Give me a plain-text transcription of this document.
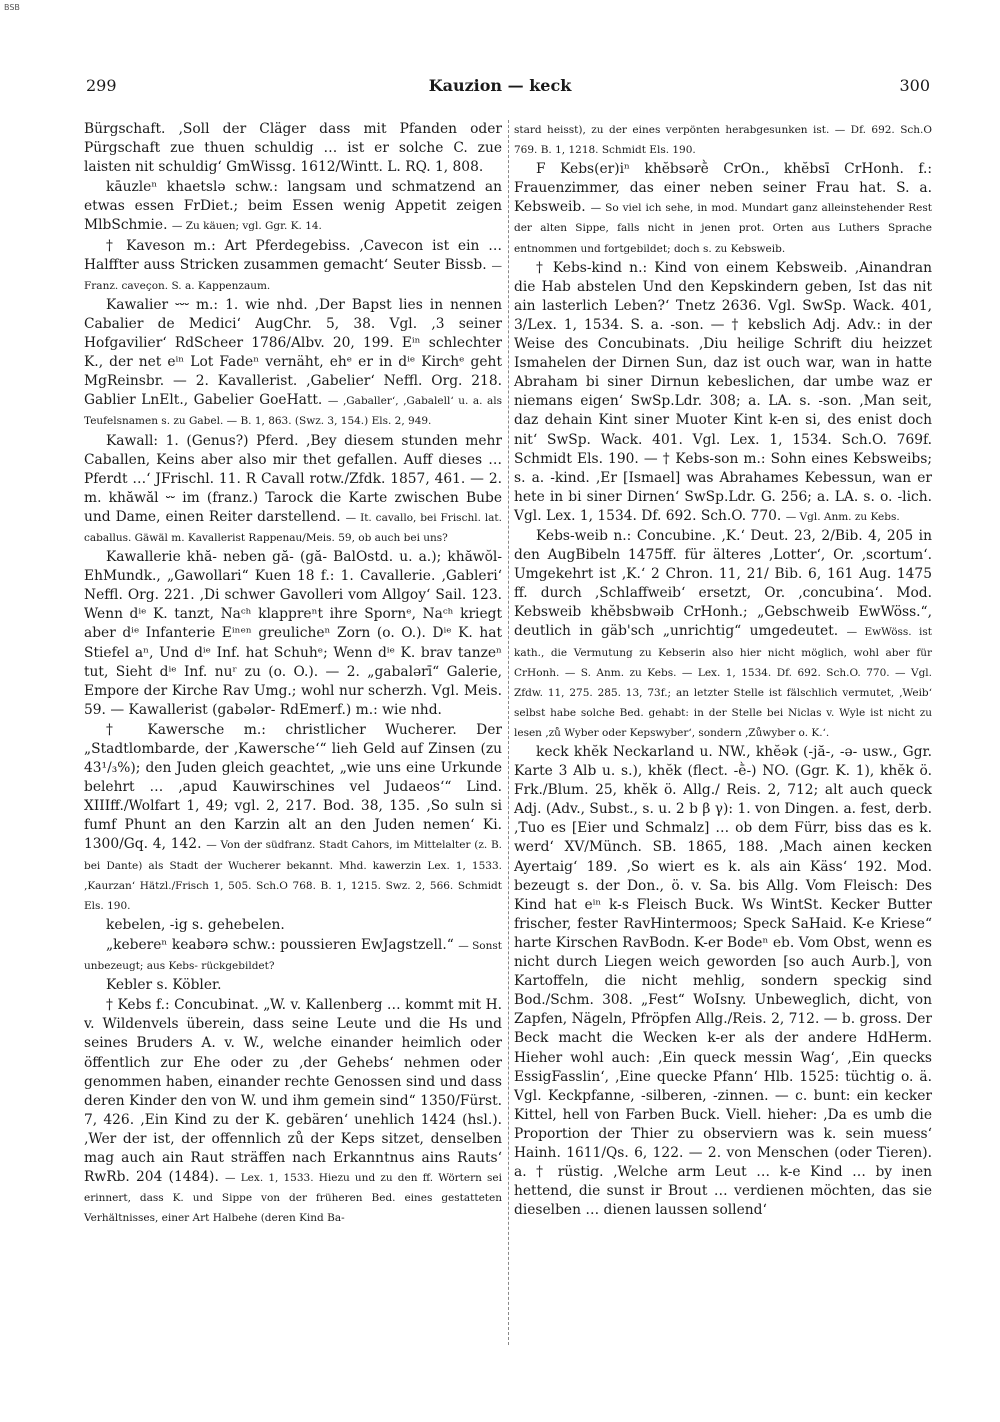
BSB
299	Kauzion — keck	300

Bürgschaft. ‚Soll der Cläger dass mit Pfanden oder Pürgschaft zue thuen schuldig … ist er solche C. zue laisten nit schuldig‘ GmWissg. 1612/Wintt. L. RQ. 1, 808.

kāuzleⁿ khaetslə schw.: langsam und schmatzend an etwas essen FrDiet.; beim Essen wenig Appetit zeigen MlbSchmie. — Zu käuen; vgl. Ggr. K. 14.

† Kaveson m.: Art Pferdegebiss. ‚Cavecon ist ein … Halffter auss Stricken zusammen gemacht‘ Seuter Bissb. — Franz. caveçon. S. a. Kappenzaum.

Kawalier ⏑⏑⏑ m.: 1. wie nhd. ‚Der Bapst lies in nennen Cabalier de Medici‘ AugChr. 5, 38. Vgl. ‚3 seiner Hofgavilier‘ RdScheer 1786/Albv. 20, 199. Eⁱⁿ schlechter K., der net eⁱⁿ Lot Fadeⁿ vernäht, ehᵉ er in dⁱᵉ Kirchᵉ geht MgReinsbr. — 2. Kavallerist. ‚Gabelier‘ Neffl. Org. 218. Gablier LnElt., Gabelier GoeHatt. — ‚Gaballer‘, ‚Gabalell‘ u. a. als Teufelsnamen s. zu Gabel. — B. 1, 863. (Swz. 3, 154.) Els. 2, 949.

Kawall: 1. (Genus?) Pferd. ‚Bey diesem stunden mehr Caballen, Keins aber also mir thet gefallen. Auff dieses … Pferdt …‘ JFrischl. 11. R Cavall rotw./Zfdk. 1857, 461. — 2. m. khăwăl ⏑⏑ im (franz.) Tarock die Karte zwischen Bube und Dame, einen Reiter darstellend. — It. cavallo, bei Frischl. lat. caballus. Gäwäl m. Kavallerist Rappenau/Meis. 59, ob auch bei uns?

Kawallerie khă- neben gă- (gă- BalOstd. u. a.); khăwŏl- EhMundk., „Gawollari“ Kuen 18 f.: 1. Cavallerie. ‚Gableri‘ Neffl. Org. 221. ‚Di schwer Gavolleri vom Allgoy‘ Sail. 123. Wenn dⁱᵉ K. tanzt, Naᶜʰ klappreⁿt ihre Spornᵉ, Naᶜʰ kriegt aber dⁱᵉ Infanterie Eⁱⁿᵉⁿ greulicheⁿ Zorn (o. O.). Dⁱᵉ K. hat Stiefel aⁿ, Und dⁱᵉ Inf. hat Schuhᵉ; Wenn dⁱᵉ K. brav tanzeⁿ tut, Sieht dⁱᵉ Inf. nuʳ zu (o. O.). — 2. „gabalərī“ Galerie, Empore der Kirche Rav Umg.; wohl nur scherzh. Vgl. Meis. 59. — Kawallerist (gabələr- RdEmerf.) m.: wie nhd.

† Kawersche m.: christlicher Wucherer. Der „Stadtlombarde, der ‚Kawersche‘“ lieh Geld auf Zinsen (zu 43¹/₃%); den Juden gleich geachtet, „wie uns eine Urkunde belehrt … ‚apud Kauwirschines vel Judaeos‘“ Lind. XIIIff./Wolfart 1, 49; vgl. 2, 217. Bod. 38, 135. ‚So suln si fumf Phunt an den Karzin alt an den Juden nemen‘ Ki. 1300/Gq. 4, 142. — Von der südfranz. Stadt Cahors, im Mittelalter (z. B. bei Dante) als Stadt der Wucherer bekannt. Mhd. kawerzin Lex. 1, 1533. ‚Kaurzan‘ Hätzl./Frisch 1, 505. Sch.O 768. B. 1, 1215. Swz. 2, 566. Schmidt Els. 190.

kebelen, -ig s. gehebelen.

„kebereⁿ keabərə schw.: poussieren EwJagstzell.“ — Sonst unbezeugt; aus Kebs- rückgebildet?

Kebler s. Köbler.

† Kebs f.: Concubinat. „W. v. Kallenberg … kommt mit H. v. Wildenvels überein, dass seine Leute und die Hs und seines Bruders A. v. W., welche einander heimlich oder öffentlich zur Ehe oder zu ‚der Gehebs‘ nehmen oder genommen haben, einander rechte Genossen sind und dass deren Kinder den von W. und ihm gemein sind“ 1350/Fürst. 7, 426. ‚Ein Kind zu der K. gebären‘ unehlich 1424 (hsl.). ‚Wer der ist, der offennlich zů der Keps sitzet, denselben mag auch ain Raut sträffen nach Erkanntnus ains Rauts‘ RwRb. 204 (1484). — Lex. 1, 1533. Hiezu und zu den ff. Wörtern sei erinnert, dass K. und Sippe von der früheren Bed. eines gestatteten Verhältnisses, einer Art Halbehe (deren Kind Ba-

stard heisst), zu der eines verpönten herabgesunken ist. — Df. 692. Sch.O 769. B. 1, 1218. Schmidt Els. 190.

F Kebs(er)iⁿ khĕbsərḕ CrOn., khĕbsī CrHonh. f.: Frauenzimmer, das einer neben seiner Frau hat. S. a. Kebsweib. — So viel ich sehe, in mod. Mundart ganz alleinstehender Rest der alten Sippe, falls nicht in jenen prot. Orten aus Luthers Sprache entnommen und fortgebildet; doch s. zu Kebsweib.

† Kebs-kind n.: Kind von einem Kebsweib. ‚Ainandran die Hab abstelen Und den Kepskindern geben, Ist das nit ain lasterlich Leben?‘ Tnetz 2636. Vgl. SwSp. Wack. 401, 3/Lex. 1, 1534. S. a. -son. — † kebslich Adj. Adv.: in der Weise des Concubinats. ‚Diu heilige Schrift diu heizzet Ismahelen der Dirnen Sun, daz ist ouch war, wan in hatte Abraham bi siner Dirnun kebeslichen, dar umbe waz er niemans eigen‘ SwSp.Ldr. 308; a. LA. s. -son. ‚Man seit, daz dehain Kint siner Muoter Kint k-en si, des enist doch nit‘ SwSp. Wack. 401. Vgl. Lex. 1, 1534. Sch.O. 769f. Schmidt Els. 190. — † Kebs-son m.: Sohn eines Kebsweibs; s. a. -kind. ‚Er [Ismael] was Abrahames Kebessun, wan er hete in bi siner Dirnen‘ SwSp.Ldr. G. 256; a. LA. s. o. -lich. Vgl. Lex. 1, 1534. Df. 692. Sch.O. 770. — Vgl. Anm. zu Kebs.

Kebs-weib n.: Concubine. ‚K.‘ Deut. 23, 2/Bib. 4, 205 in den AugBibeln 1475ff. für älteres ‚Lotter‘, Or. ‚scortum‘. Umgekehrt ist ‚K.‘ 2 Chron. 11, 21/ Bib. 6, 161 Aug. 1475 ff. durch ‚Schlaffweib‘ ersetzt, Or. ‚concubina‘. Mod. Kebsweib khĕbsbwəib CrHonh.; „Gebschweib EwWöss.“, deutlich in gäb'sch „unrichtig“ umgedeutet. — EwWöss. ist kath., die Vermutung zu Kebserin also hier nicht möglich, wohl aber für CrHonh. — S. Anm. zu Kebs. — Lex. 1, 1534. Df. 692. Sch.O. 770. — Vgl. Zfdw. 11, 275. 285. 13, 73f.; an letzter Stelle ist fälschlich vermutet, ‚Weib‘ selbst habe solche Bed. gehabt: in der Stelle bei Niclas v. Wyle ist nicht zu lesen ‚zů Wyber oder Kepswyber‘, sondern ‚Zůwyber o. K.‘.

keck khĕk Neckarland u. NW., khĕək (-jă-, -ə- usw., Ggr. Karte 3 Alb u. s.), khĕk (flect. -ḕ-) NO. (Ggr. K. 1), khĕk ö. Frk./Blum. 25, khĕk ö. Allg./ Reis. 2, 712; alt auch queck Adj. (Adv., Subst., s. u. 2 b β γ): 1. von Dingen. a. fest, derb. ‚Tuo es [Eier und Schmalz] … ob dem Fürr, biss das es k. werd‘ XV/Münch. SB. 1865, 188. ‚Mach ainen kecken Ayertaig‘ 189. ‚So wiert es k. als ain Käss‘ 192. Mod. bezeugt s. der Don., ö. v. Sa. bis Allg. Vom Fleisch: Des Kind hat eⁱⁿ k-s Fleisch Buck. Ws WintSt. Kecker Butter frischer, fester RavHintermoos; Speck SaHaid. K-e Kriese“ harte Kirschen RavBodn. K-er Bodeⁿ eb. Vom Obst, wenn es nicht durch Liegen weich geworden [so auch Aurb.], von Kartoffeln, die nicht mehlig, sondern speckig sind Bod./Schm. 308. „Fest“ WoIsny. Unbeweglich, dicht, von Zapfen, Nägeln, Pfröpfen Allg./Reis. 2, 712. — b. gross. Der Beck macht die Wecken k-er als der andere HdHerm. Hieher wohl auch: ‚Ein queck messin Wag‘, ‚Ein quecks EssigFasslin‘, ‚Eine quecke Pfann‘ Hlb. 1525: tüchtig o. ä. Vgl. Keckpfanne, -silberen, -zinnen. — c. bunt: ein kecker Kittel, hell von Farben Buck. Viell. hieher: ‚Da es umb die Proportion der Thier zu observiern was k. sein muess‘ Hainh. 1611/Qs. 6, 122. — 2. von Menschen (oder Tieren). a. † rüstig. ‚Welche arm Leut … k-e Kind … by inen hettend, die sunst ir Brout … verdienen möchten, das sie dieselben … dienen laussen sollend‘
